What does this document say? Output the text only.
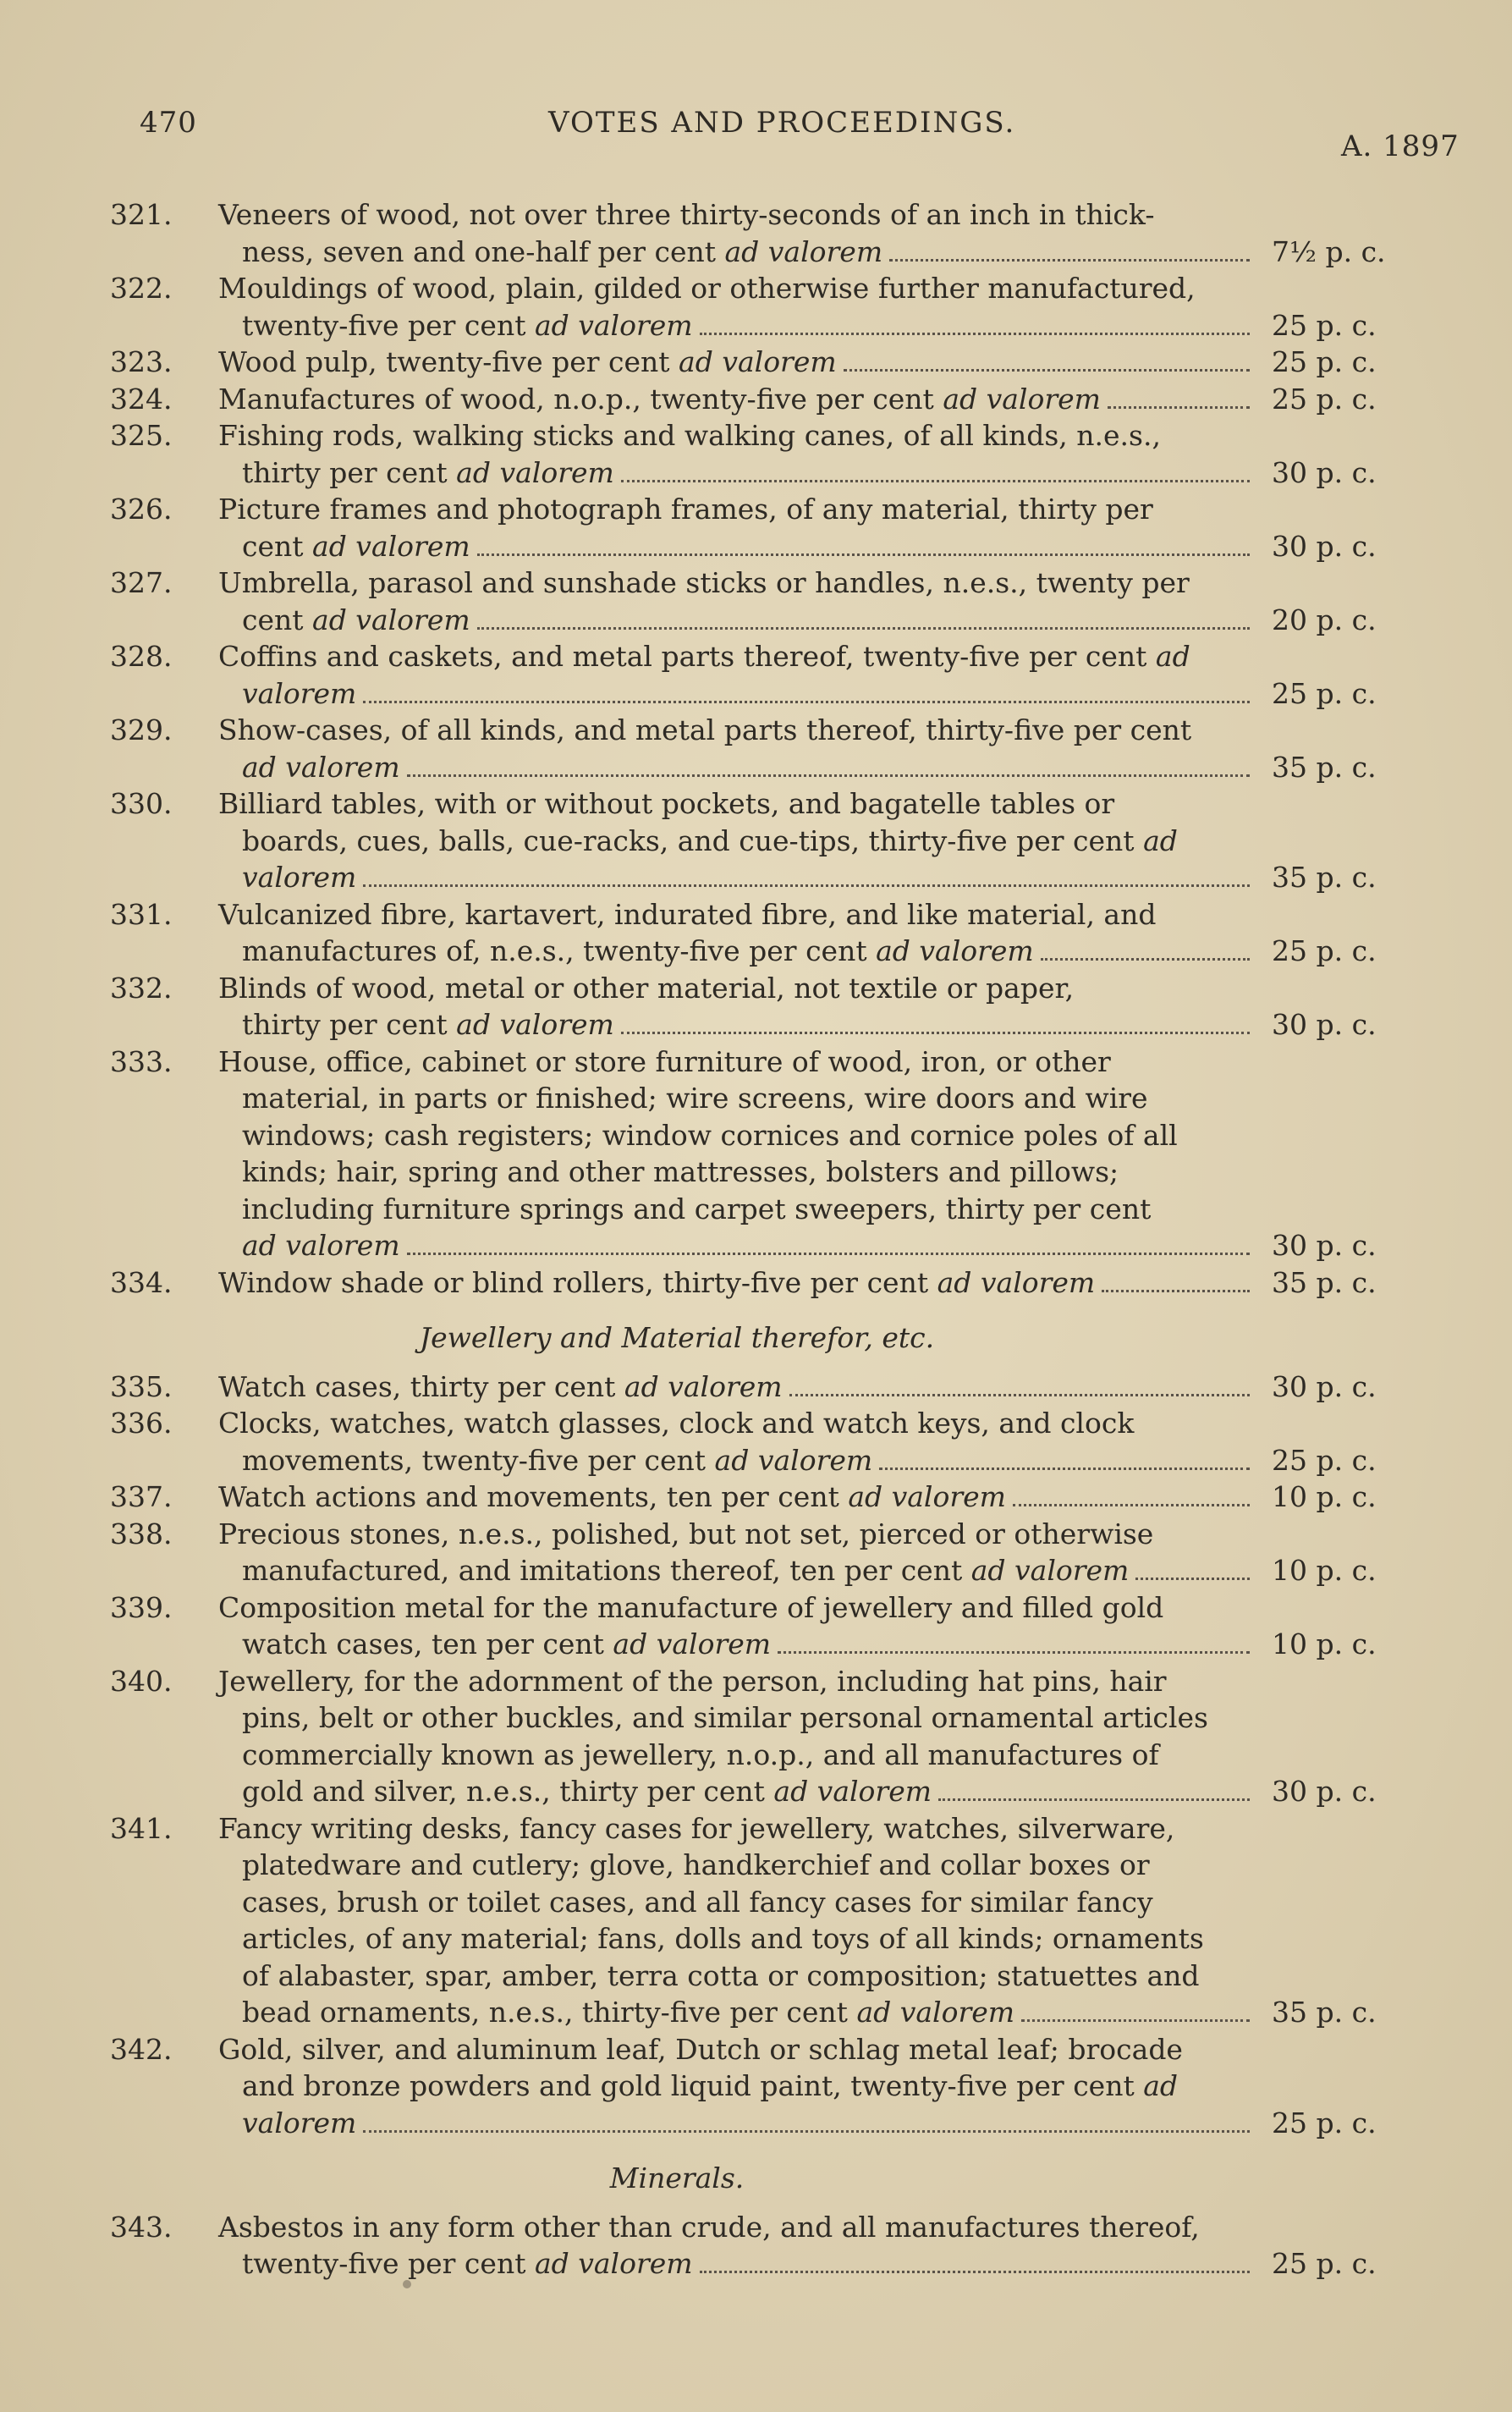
470	VOTES AND PROCEEDINGS.
A. 1897
321.	Veneers of wood, not over three thirty-seconds of an inch in thick-
ness, seven and one-half per cent ad valorem	7½ p. c.
322.	Mouldings of wood, plain, gilded or otherwise further manufactured,
twenty-five per cent ad valorem	25 p. c.
323.	Wood pulp, twenty-five per cent ad valorem	25 p. c.
324.	Manufactures of wood, n.o.p., twenty-five per cent ad valorem	25 p. c.
325.	Fishing rods, walking sticks and walking canes, of all kinds, n.e.s.,
thirty per cent ad valorem	30 p. c.
326.	Picture frames and photograph frames, of any material, thirty per
cent ad valorem	30 p. c.
327.	Umbrella, parasol and sunshade sticks or handles, n.e.s., twenty per
cent ad valorem	20 p. c.
328.	Coffins and caskets, and metal parts thereof, twenty-five per cent ad
valorem	25 p. c.
329.	Show-cases, of all kinds, and metal parts thereof, thirty-five per cent
ad valorem	35 p. c.
330.	Billiard tables, with or without pockets, and bagatelle tables or
boards, cues, balls, cue-racks, and cue-tips, thirty-five per cent ad
valorem	35 p. c.
331.	Vulcanized fibre, kartavert, indurated fibre, and like material, and
manufactures of, n.e.s., twenty-five per cent ad valorem	25 p. c.
332.	Blinds of wood, metal or other material, not textile or paper,
thirty per cent ad valorem	30 p. c.
333.	House, office, cabinet or store furniture of wood, iron, or other
material, in parts or finished; wire screens, wire doors and wire
windows; cash registers; window cornices and cornice poles of all
kinds; hair, spring and other mattresses, bolsters and pillows;
including furniture springs and carpet sweepers, thirty per cent
ad valorem	30 p. c.
334.	Window shade or blind rollers, thirty-five per cent ad valorem	35 p. c.
Jewellery and Material therefor, etc.
335.	Watch cases, thirty per cent ad valorem	30 p. c.
336.	Clocks, watches, watch glasses, clock and watch keys, and clock
movements, twenty-five per cent ad valorem	25 p. c.
337.	Watch actions and movements, ten per cent ad valorem	10 p. c.
338.	Precious stones, n.e.s., polished, but not set, pierced or otherwise
manufactured, and imitations thereof, ten per cent ad valorem	10 p. c.
339.	Composition metal for the manufacture of jewellery and filled gold
watch cases, ten per cent ad valorem	10 p. c.
340.	Jewellery, for the adornment of the person, including hat pins, hair
pins, belt or other buckles, and similar personal ornamental articles
commercially known as jewellery, n.o.p., and all manufactures of
gold and silver, n.e.s., thirty per cent ad valorem	30 p. c.
341.	Fancy writing desks, fancy cases for jewellery, watches, silverware,
platedware and cutlery; glove, handkerchief and collar boxes or
cases, brush or toilet cases, and all fancy cases for similar fancy
articles, of any material; fans, dolls and toys of all kinds; ornaments
of alabaster, spar, amber, terra cotta or composition; statuettes and
bead ornaments, n.e.s., thirty-five per cent ad valorem	35 p. c.
342.	Gold, silver, and aluminum leaf, Dutch or schlag metal leaf; brocade
and bronze powders and gold liquid paint, twenty-five per cent ad
valorem	25 p. c.
Minerals.
343.	Asbestos in any form other than crude, and all manufactures thereof,
twenty-five per cent ad valorem	25 p. c.
